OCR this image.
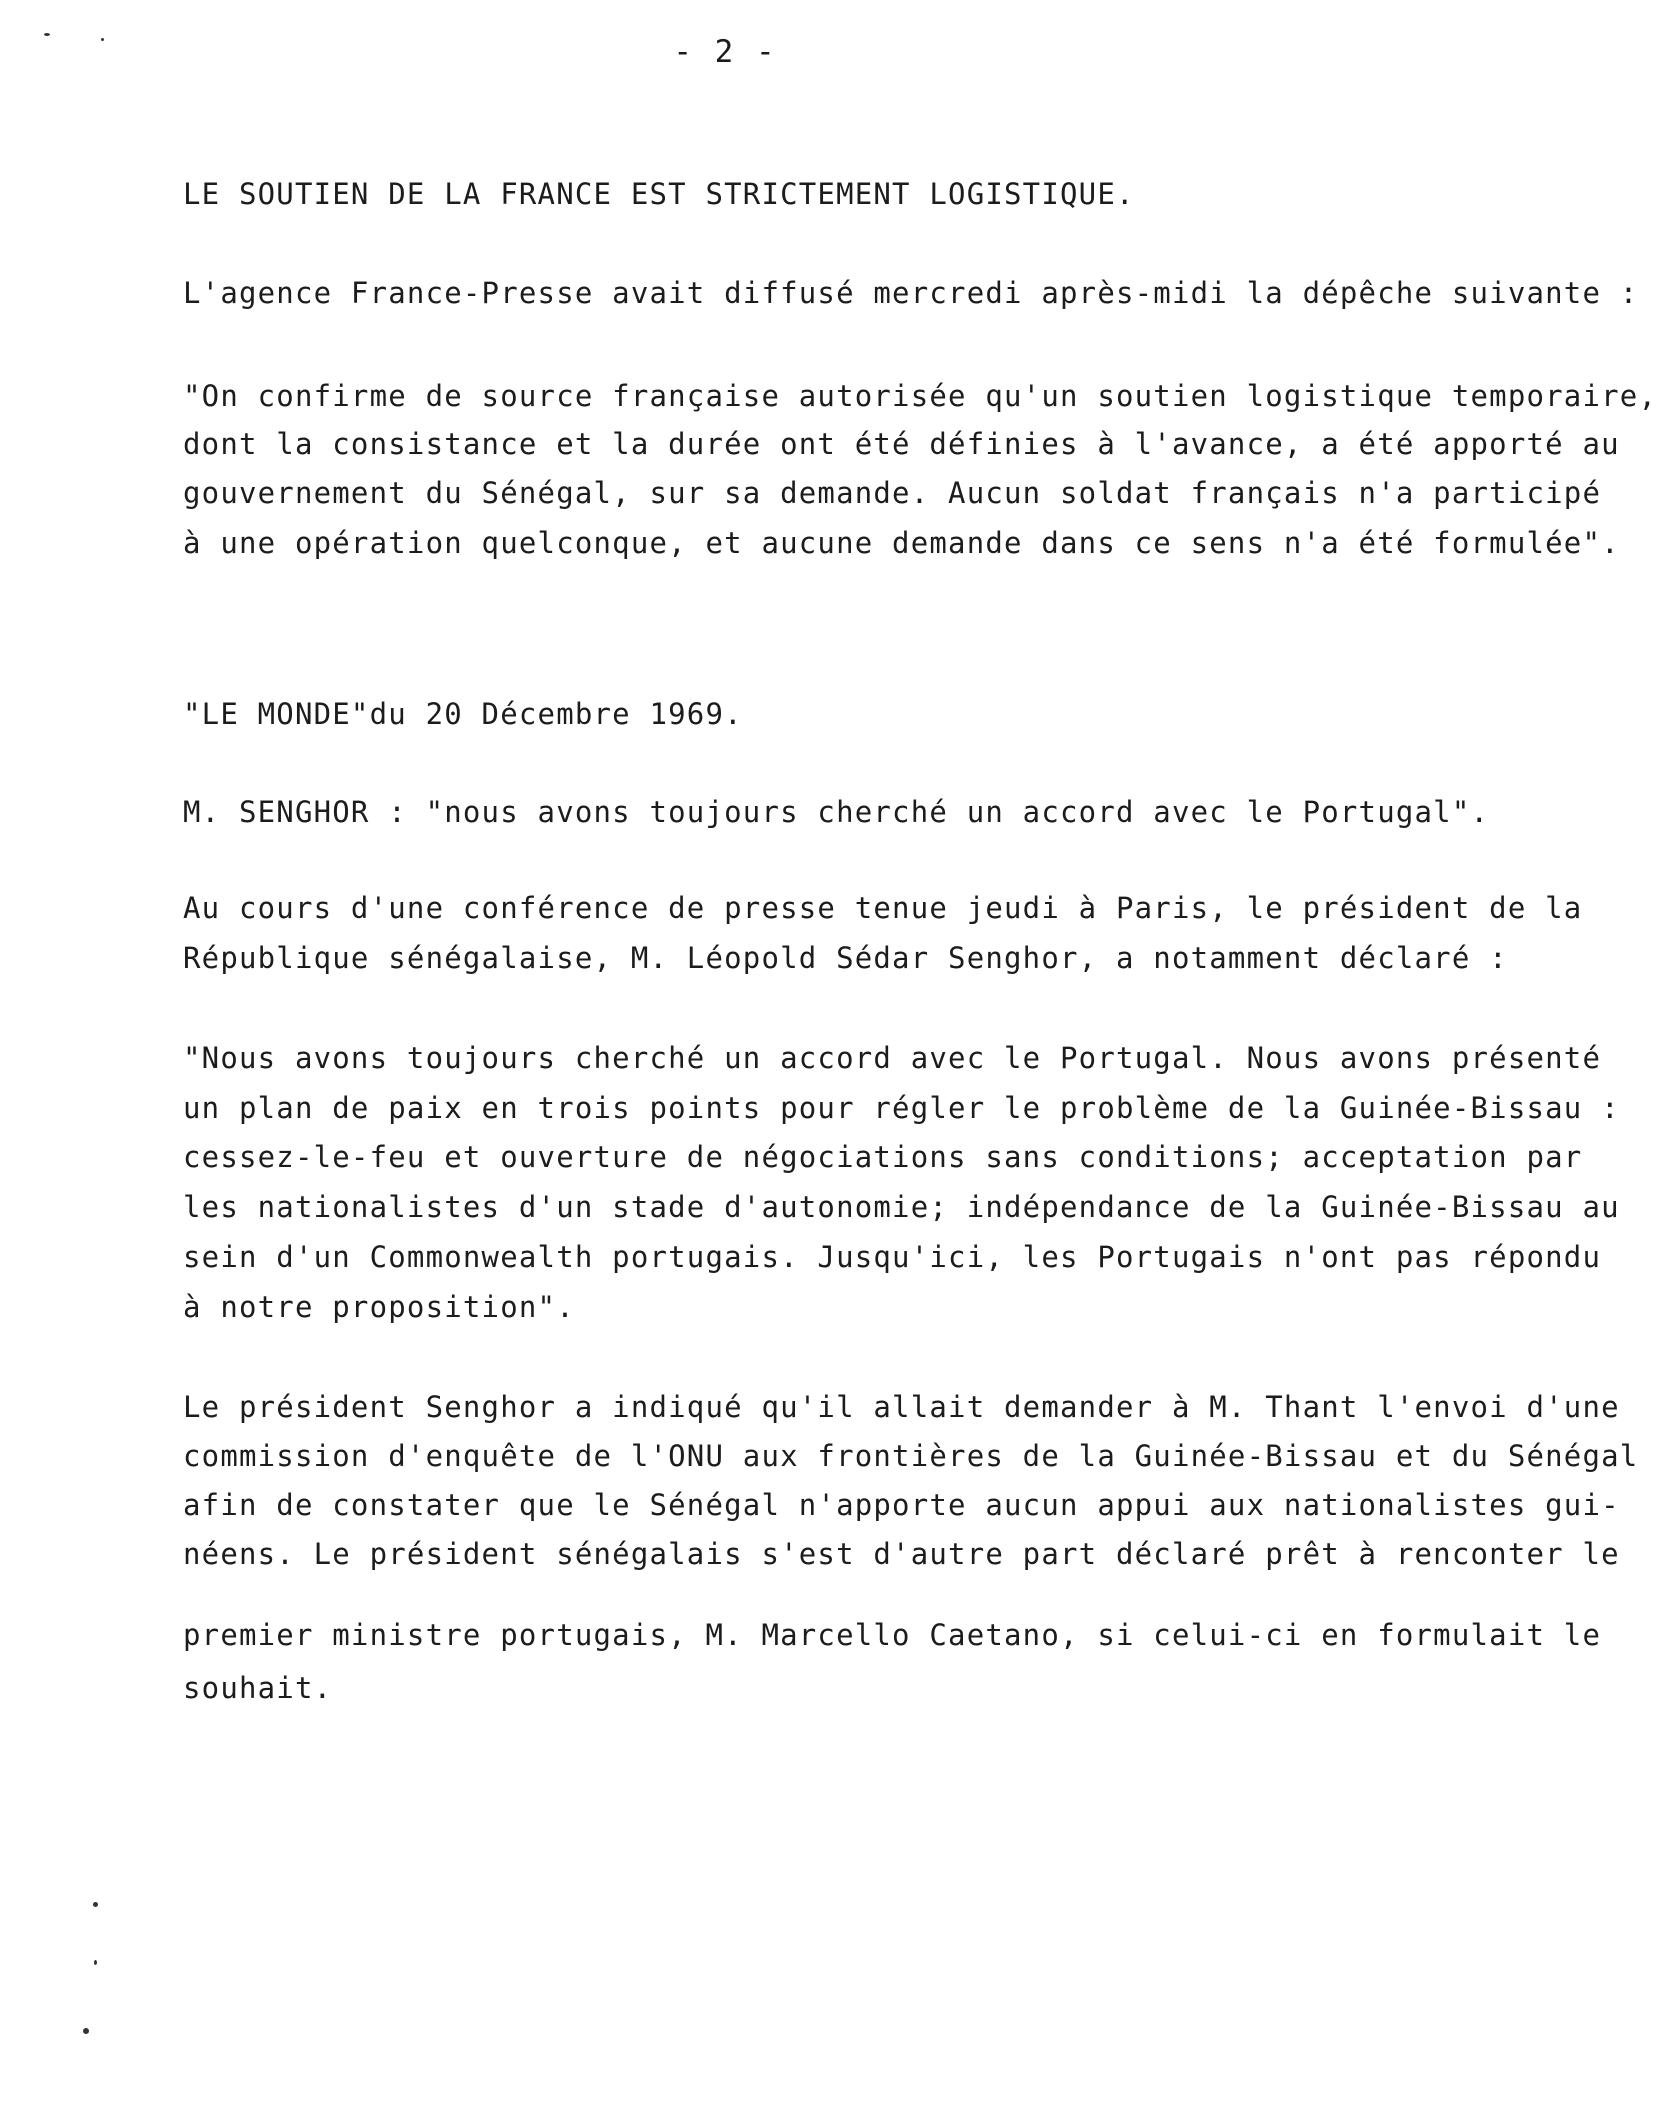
- 2 -
LE SOUTIEN DE LA FRANCE EST STRICTEMENT LOGISTIQUE.
L'agence France-Presse avait diffusé mercredi après-midi la dépêche suivante :
"On confirme de source française autorisée qu'un soutien logistique temporaire,
dont la consistance et la durée ont été définies à l'avance, a été apporté au
gouvernement du Sénégal, sur sa demande. Aucun soldat français n'a participé
à une opération quelconque, et aucune demande dans ce sens n'a été formulée".
"LE MONDE"du 20 Décembre 1969.
M. SENGHOR : "nous avons toujours cherché un accord avec le Portugal".
Au cours d'une conférence de presse tenue jeudi à Paris, le président de la
République sénégalaise, M. Léopold Sédar Senghor, a notamment déclaré :
"Nous avons toujours cherché un accord avec le Portugal. Nous avons présenté
un plan de paix en trois points pour régler le problème de la Guinée-Bissau :
cessez-le-feu et ouverture de négociations sans conditions; acceptation par
les nationalistes d'un stade d'autonomie; indépendance de la Guinée-Bissau au
sein d'un Commonwealth portugais. Jusqu'ici, les Portugais n'ont pas répondu
à notre proposition".
Le président Senghor a indiqué qu'il allait demander à M. Thant l'envoi d'une
commission d'enquête de l'ONU aux frontières de la Guinée-Bissau et du Sénégal
afin de constater que le Sénégal n'apporte aucun appui aux nationalistes gui-
néens. Le président sénégalais s'est d'autre part déclaré prêt à renconter le
premier ministre portugais, M. Marcello Caetano, si celui-ci en formulait le
souhait.
